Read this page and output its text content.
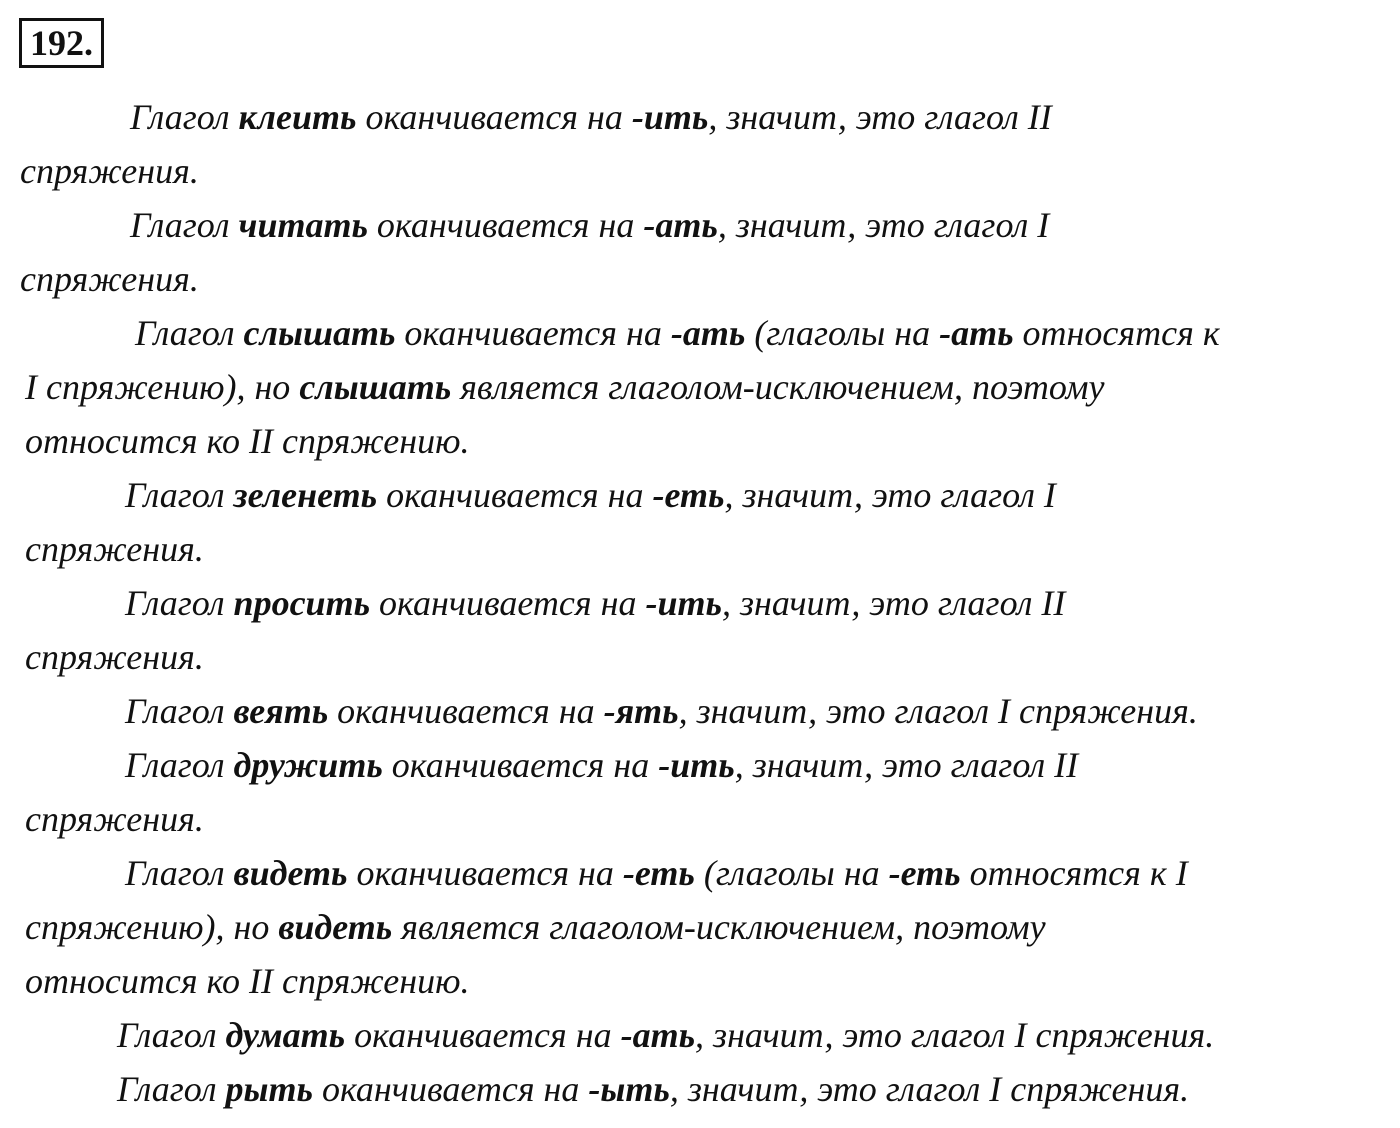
192.
Глагол клеить оканчивается на -ить, значит, это глагол II
спряжения.
Глагол читать оканчивается на -ать, значит, это глагол I
спряжения.
Глагол слышать оканчивается на -ать (глаголы на -ать относятся к
I спряжению), но слышать является глаголом-исключением, поэтому
относится ко II спряжению.
Глагол зеленеть оканчивается на -еть, значит, это глагол I
спряжения.
Глагол просить оканчивается на -ить, значит, это глагол II
спряжения.
Глагол веять оканчивается на -ять, значит, это глагол I спряжения.
Глагол дружить оканчивается на -ить, значит, это глагол II
спряжения.
Глагол видеть оканчивается на -еть (глаголы на -еть относятся к I
спряжению), но видеть является глаголом-исключением, поэтому
относится ко II спряжению.
Глагол думать оканчивается на -ать, значит, это глагол I спряжения.
Глагол рыть оканчивается на -ыть, значит, это глагол I спряжения.
